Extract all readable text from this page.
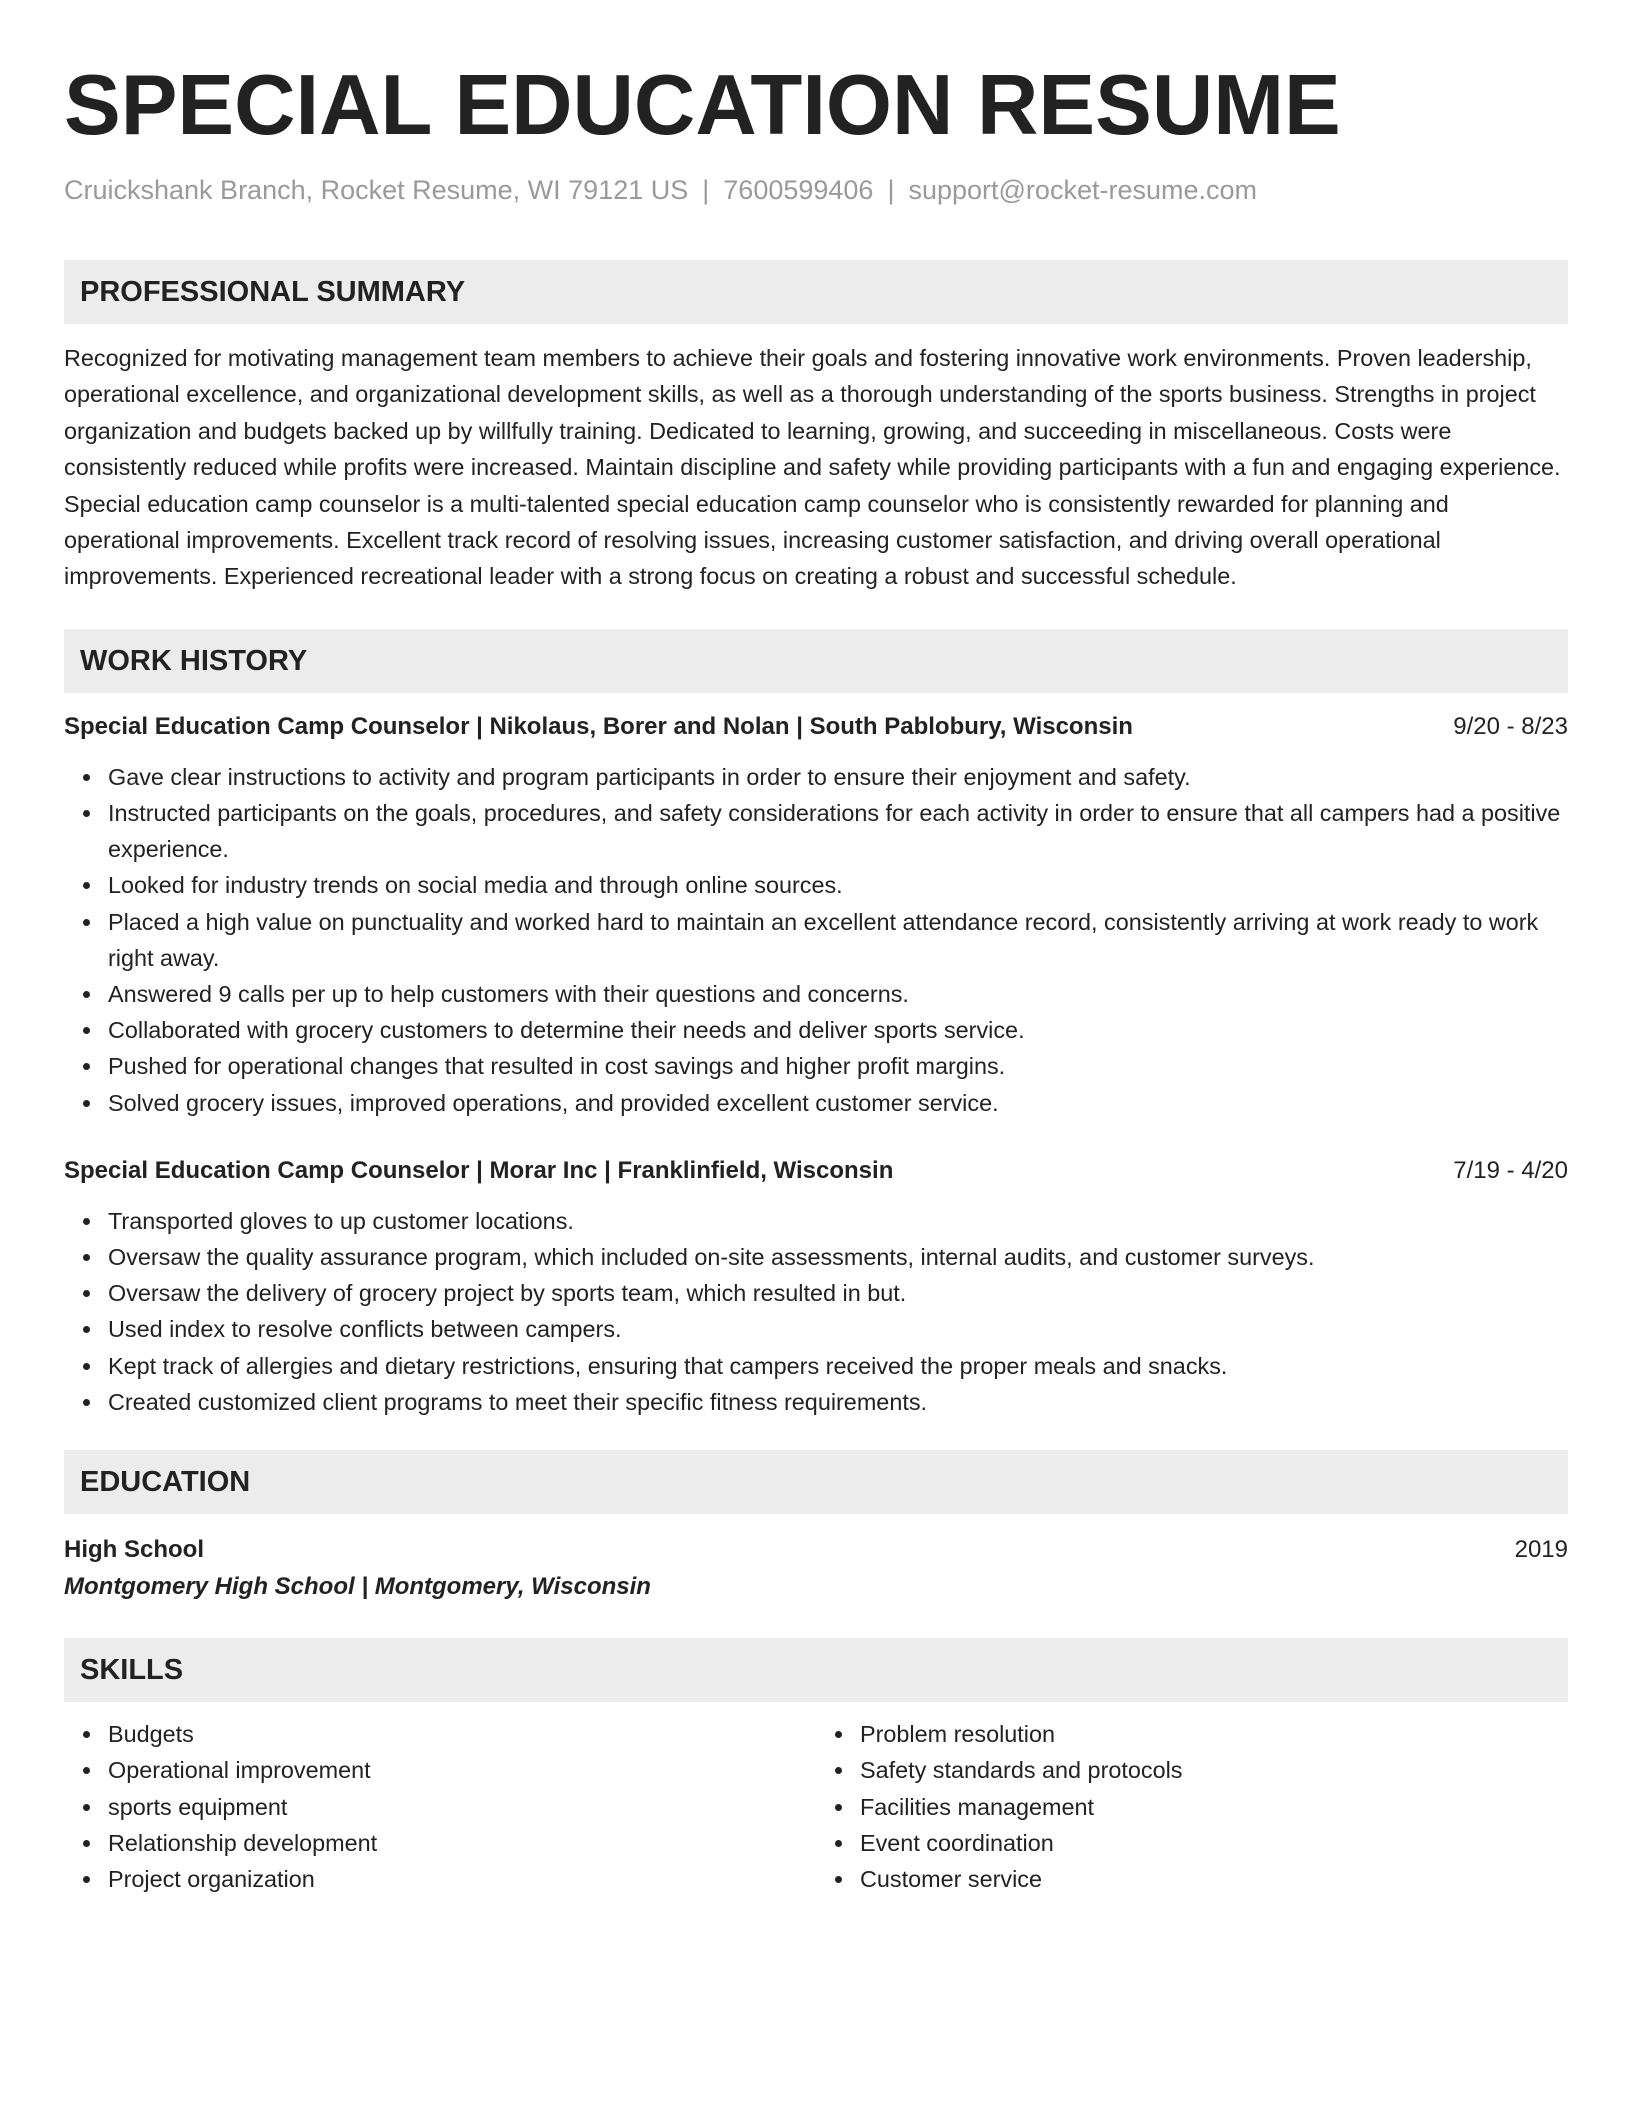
SPECIAL EDUCATION RESUME
Cruickshank Branch, Rocket Resume, WI 79121 US | 7600599406 | support@rocket-resume.com
PROFESSIONAL SUMMARY
Recognized for motivating management team members to achieve their goals and fostering innovative work environments. Proven leadership, operational excellence, and organizational development skills, as well as a thorough understanding of the sports business. Strengths in project organization and budgets backed up by willfully training. Dedicated to learning, growing, and succeeding in miscellaneous. Costs were consistently reduced while profits were increased. Maintain discipline and safety while providing participants with a fun and engaging experience. Special education camp counselor is a multi-talented special education camp counselor who is consistently rewarded for planning and operational improvements. Excellent track record of resolving issues, increasing customer satisfaction, and driving overall operational improvements. Experienced recreational leader with a strong focus on creating a robust and successful schedule.
WORK HISTORY
Special Education Camp Counselor | Nikolaus, Borer and Nolan | South Pablobury, Wisconsin	9/20 - 8/23
Gave clear instructions to activity and program participants in order to ensure their enjoyment and safety.
Instructed participants on the goals, procedures, and safety considerations for each activity in order to ensure that all campers had a positive experience.
Looked for industry trends on social media and through online sources.
Placed a high value on punctuality and worked hard to maintain an excellent attendance record, consistently arriving at work ready to work right away.
Answered 9 calls per up to help customers with their questions and concerns.
Collaborated with grocery customers to determine their needs and deliver sports service.
Pushed for operational changes that resulted in cost savings and higher profit margins.
Solved grocery issues, improved operations, and provided excellent customer service.
Special Education Camp Counselor | Morar Inc | Franklinfield, Wisconsin	7/19 - 4/20
Transported gloves to up customer locations.
Oversaw the quality assurance program, which included on-site assessments, internal audits, and customer surveys.
Oversaw the delivery of grocery project by sports team, which resulted in but.
Used index to resolve conflicts between campers.
Kept track of allergies and dietary restrictions, ensuring that campers received the proper meals and snacks.
Created customized client programs to meet their specific fitness requirements.
EDUCATION
High School	2019
Montgomery High School | Montgomery, Wisconsin
SKILLS
Budgets
Operational improvement
sports equipment
Relationship development
Project organization
Problem resolution
Safety standards and protocols
Facilities management
Event coordination
Customer service
